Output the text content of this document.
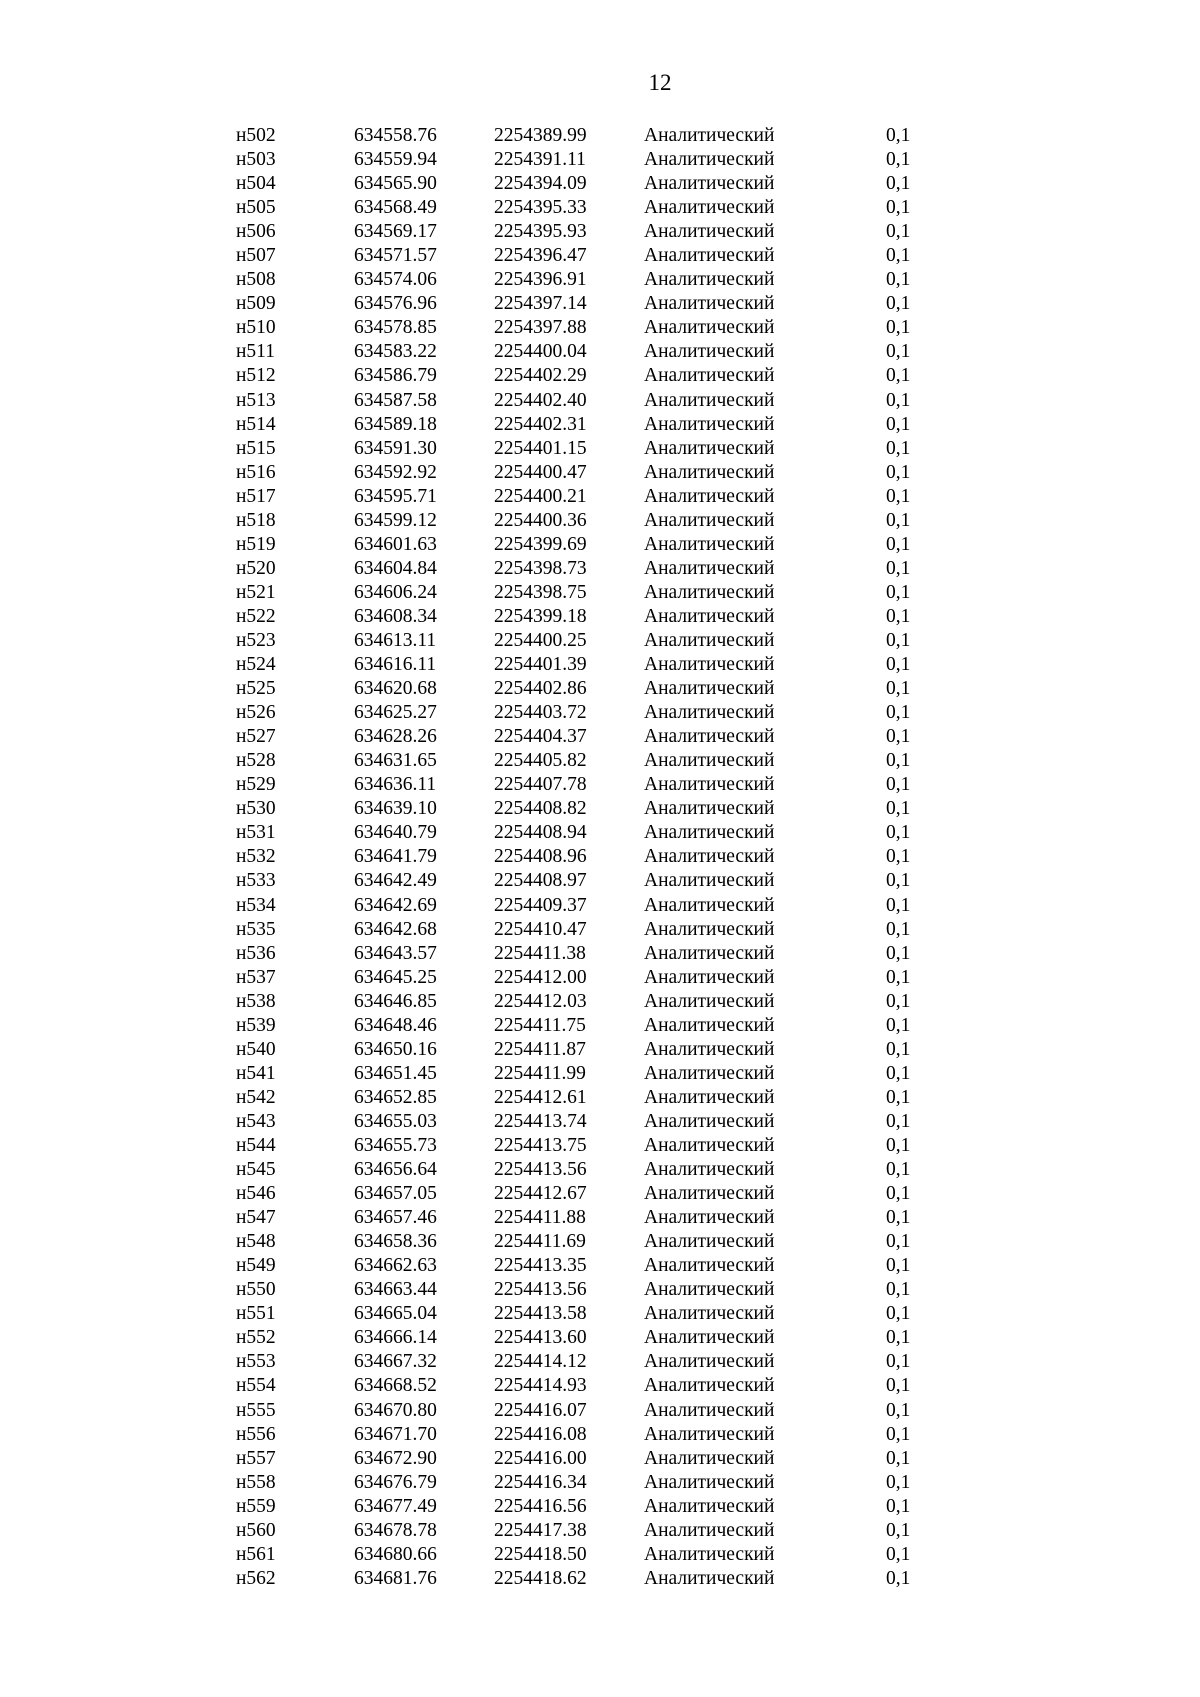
12
н502	634558.76	2254389.99	Аналитический	0,1
н503	634559.94	2254391.11	Аналитический	0,1
н504	634565.90	2254394.09	Аналитический	0,1
н505	634568.49	2254395.33	Аналитический	0,1
н506	634569.17	2254395.93	Аналитический	0,1
н507	634571.57	2254396.47	Аналитический	0,1
н508	634574.06	2254396.91	Аналитический	0,1
н509	634576.96	2254397.14	Аналитический	0,1
н510	634578.85	2254397.88	Аналитический	0,1
н511	634583.22	2254400.04	Аналитический	0,1
н512	634586.79	2254402.29	Аналитический	0,1
н513	634587.58	2254402.40	Аналитический	0,1
н514	634589.18	2254402.31	Аналитический	0,1
н515	634591.30	2254401.15	Аналитический	0,1
н516	634592.92	2254400.47	Аналитический	0,1
н517	634595.71	2254400.21	Аналитический	0,1
н518	634599.12	2254400.36	Аналитический	0,1
н519	634601.63	2254399.69	Аналитический	0,1
н520	634604.84	2254398.73	Аналитический	0,1
н521	634606.24	2254398.75	Аналитический	0,1
н522	634608.34	2254399.18	Аналитический	0,1
н523	634613.11	2254400.25	Аналитический	0,1
н524	634616.11	2254401.39	Аналитический	0,1
н525	634620.68	2254402.86	Аналитический	0,1
н526	634625.27	2254403.72	Аналитический	0,1
н527	634628.26	2254404.37	Аналитический	0,1
н528	634631.65	2254405.82	Аналитический	0,1
н529	634636.11	2254407.78	Аналитический	0,1
н530	634639.10	2254408.82	Аналитический	0,1
н531	634640.79	2254408.94	Аналитический	0,1
н532	634641.79	2254408.96	Аналитический	0,1
н533	634642.49	2254408.97	Аналитический	0,1
н534	634642.69	2254409.37	Аналитический	0,1
н535	634642.68	2254410.47	Аналитический	0,1
н536	634643.57	2254411.38	Аналитический	0,1
н537	634645.25	2254412.00	Аналитический	0,1
н538	634646.85	2254412.03	Аналитический	0,1
н539	634648.46	2254411.75	Аналитический	0,1
н540	634650.16	2254411.87	Аналитический	0,1
н541	634651.45	2254411.99	Аналитический	0,1
н542	634652.85	2254412.61	Аналитический	0,1
н543	634655.03	2254413.74	Аналитический	0,1
н544	634655.73	2254413.75	Аналитический	0,1
н545	634656.64	2254413.56	Аналитический	0,1
н546	634657.05	2254412.67	Аналитический	0,1
н547	634657.46	2254411.88	Аналитический	0,1
н548	634658.36	2254411.69	Аналитический	0,1
н549	634662.63	2254413.35	Аналитический	0,1
н550	634663.44	2254413.56	Аналитический	0,1
н551	634665.04	2254413.58	Аналитический	0,1
н552	634666.14	2254413.60	Аналитический	0,1
н553	634667.32	2254414.12	Аналитический	0,1
н554	634668.52	2254414.93	Аналитический	0,1
н555	634670.80	2254416.07	Аналитический	0,1
н556	634671.70	2254416.08	Аналитический	0,1
н557	634672.90	2254416.00	Аналитический	0,1
н558	634676.79	2254416.34	Аналитический	0,1
н559	634677.49	2254416.56	Аналитический	0,1
н560	634678.78	2254417.38	Аналитический	0,1
н561	634680.66	2254418.50	Аналитический	0,1
н562	634681.76	2254418.62	Аналитический	0,1
